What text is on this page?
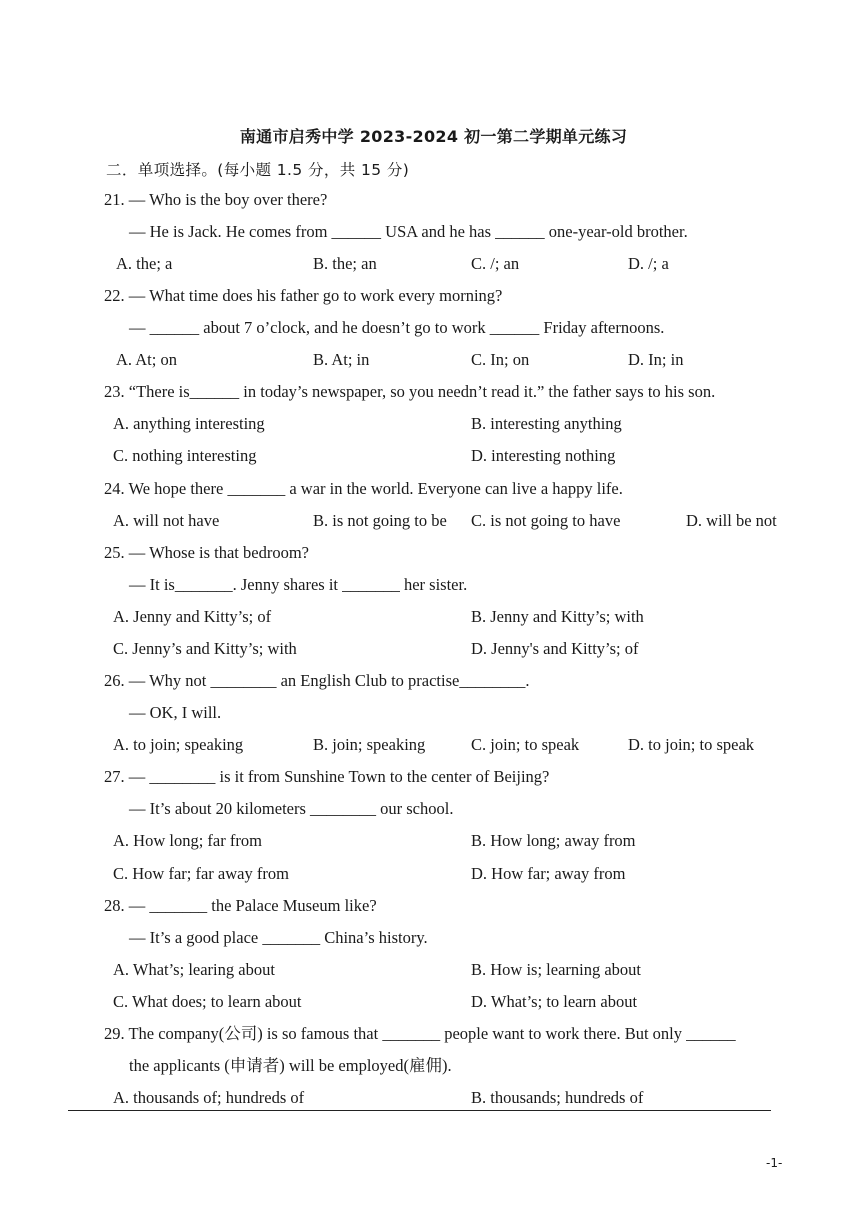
南通市启秀中学 2023-2024 初一第二学期单元练习
二．单项选择。(每小题 1.5 分，共 15 分)
21. — Who is the boy over there?
— He is Jack. He comes from ______ USA and he has ______ one-year-old brother.
A. the; a	B. the; an	C. /; an	D. /; a
22. — What time does his father go to work every morning?
— ______ about 7 o’clock, and he doesn’t go to work ______ Friday afternoons.
A. At; on	B. At; in	C. In; on	D. In; in
23. “There is______ in today’s newspaper, so you needn’t read it.” the father says to his son.
A. anything interesting	B. interesting anything
C. nothing interesting	D. interesting nothing
24. We hope there _______ a war in the world. Everyone can live a happy life.
A. will not have	B. is not going to be C. is not going to have	D. will be not
25. — Whose is that bedroom?
— It is_______. Jenny shares it _______ her sister.
A. Jenny and Kitty’s; of	B. Jenny and Kitty’s; with
C. Jenny’s and Kitty’s; with	D. Jenny's and Kitty’s; of
26. — Why not ________ an English Club to practise________.
— OK, I will.
A. to join; speaking	B. join; speaking	C. join; to speak	D. to join; to speak
27. — ________ is it from Sunshine Town to the center of Beijing?
— It’s about 20 kilometers ________ our school.
A. How long; far from	B. How long; away from
C. How far; far away from	D. How far; away from
28. — _______ the Palace Museum like?
— It’s a good place _______ China’s history.
A. What’s; learing about	B. How is; learning about
C. What does; to learn about	D. What’s; to learn about
29. The company(公司) is so famous that _______ people want to work there. But only ______
the applicants (申请者) will be employed(雇佣).
A. thousands of; hundreds of	B. thousands; hundreds of
-1-
